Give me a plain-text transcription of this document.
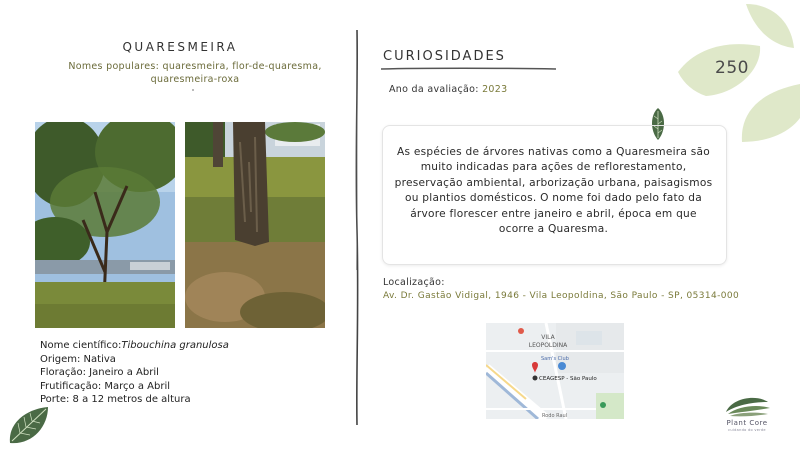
250
QUARESMEIRA
Nomes populares: quaresmeira, flor-de-quaresma, quaresmeira-roxa
Nome científico:Tibouchina granulosa
Origem: Nativa
Floração: Janeiro a Abril
Frutificação: Março a Abril
Porte: 8 a 12 metros de altura
CURIOSIDADES
Ano da avaliação: 2023
As espécies de árvores nativas como a Quaresmeira são muito indicadas para ações de reflorestamento, preservação ambiental, arborização urbana, paisagismos ou plantios domésticos. O nome foi dado pelo fato da árvore florescer entre janeiro e abril, época em que ocorre a Quaresma.
Localização:
Av. Dr. Gastão Vidigal, 1946 - Vila Leopoldina, São Paulo - SP, 05314-000
VILA
LEOPOLDINA
Sam's Club
CEAGESP - São Paulo
Rodo Raul
Plant Core
cuidando do verde
